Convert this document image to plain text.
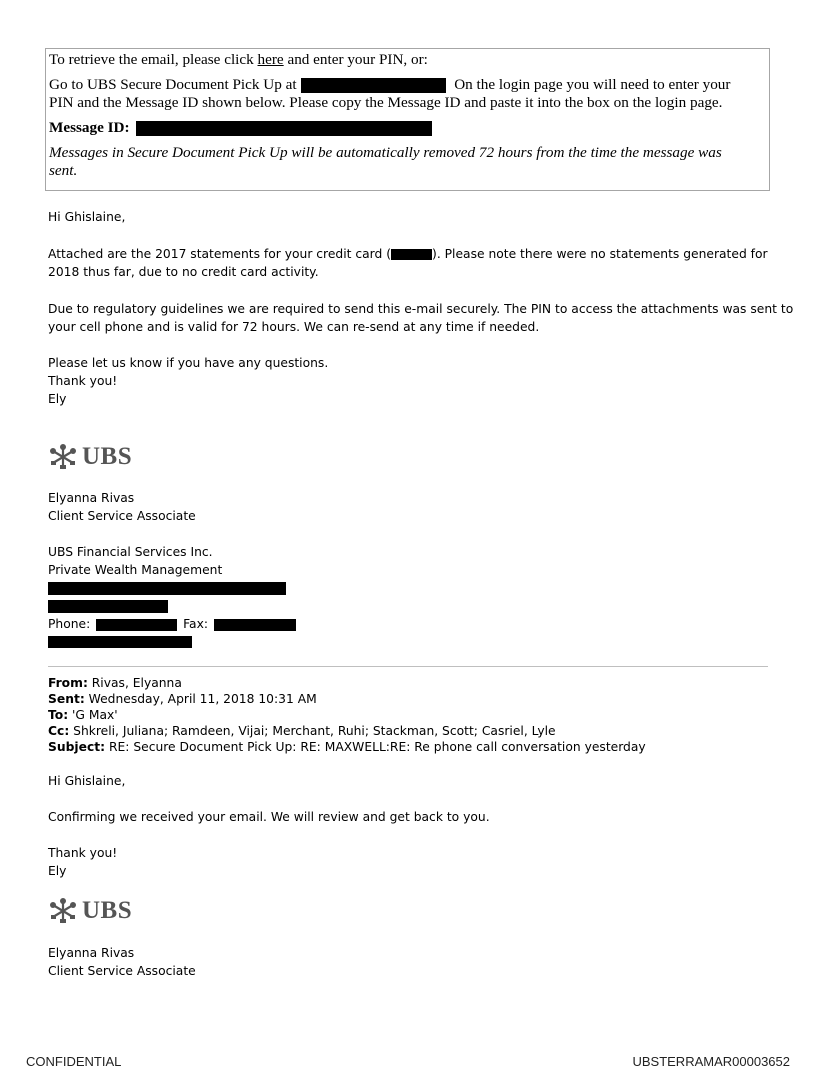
To retrieve the email, please click here and enter your PIN, or:
Go to UBS Secure Document Pick Up at	On the login page you will need to enter your
PIN and the Message ID shown below. Please copy the Message ID and paste it into the box on the login page.
Message ID:
Messages in Secure Document Pick Up will be automatically removed 72 hours from the time the message was
sent.
Hi Ghislaine,
Attached are the 2017 statements for your credit card (	). Please note there were no statements generated for
2018 thus far, due to no credit card activity.
Due to regulatory guidelines we are required to send this e-mail securely. The PIN to access the attachments was sent to
your cell phone and is valid for 72 hours. We can re-send at any time if needed.
Please let us know if you have any questions.
Thank you!
Ely
UBS
Elyanna Rivas
Client Service Associate
UBS Financial Services Inc.
Private Wealth Management
Phone:	Fax:
From: Rivas, Elyanna
Sent: Wednesday, April 11, 2018 10:31 AM
To: 'G Max'
Cc: Shkreli, Juliana; Ramdeen, Vijai; Merchant, Ruhi; Stackman, Scott; Casriel, Lyle
Subject: RE: Secure Document Pick Up: RE: MAXWELL:RE: Re phone call conversation yesterday
Hi Ghislaine,
Confirming we received your email. We will review and get back to you.
Thank you!
Ely
UBS
Elyanna Rivas
Client Service Associate
CONFIDENTIAL	UBSTERRAMAR00003652
